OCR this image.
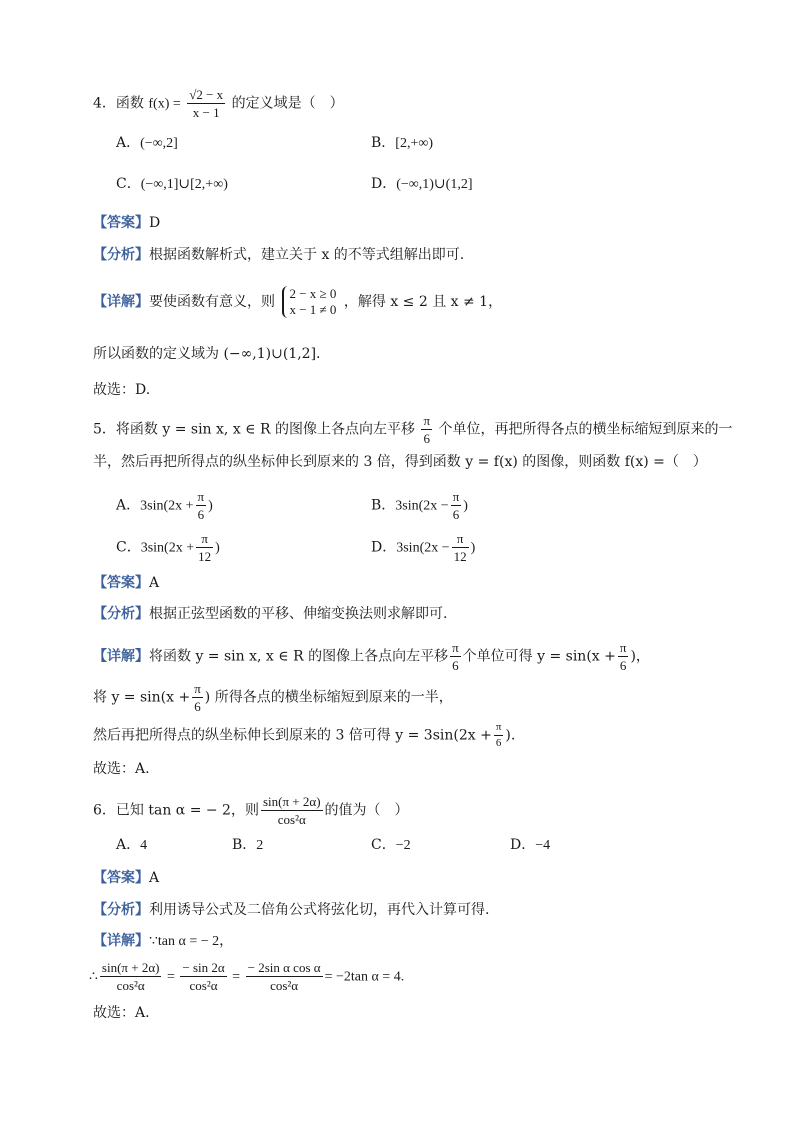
4．函数 $f(x) = \frac{√2 - x}{x - 1}$ 的定义域是（　）
A．(−∞,2]	B．[2,+∞)
C．(−∞,1]∪[2,+∞)	D．(−∞,1)∪(1,2]
【答案】D
【分析】根据函数解析式，建立关于 x 的不等式组解出即可.
【详解】要使函数有意义，则
2 − x ≥ 0
x − 1 ≠ 0 ，解得 x ≤ 2 且 x ≠ 1，
所以函数的定义域为 (−∞,1)∪(1,2].
故选：D.
5．将函数 y = sin x, x ∈ R 的图像上各点向左平移 $\frac{\pi}{6}$ 个单位，再把所得各点的横坐标缩短到原来的一
半，然后再把所得点的纵坐标伸长到原来的 3 倍，得到函数 y = f(x) 的图像，则函数 f(x) =（　）
A．$3\sin(2x + \frac{\pi}{6}$ )	B．$3\sin(2x - \frac{\pi}{6}$ )
C．$3\sin(2x + \frac{\pi}{12}$ )	D．$3\sin(2x - \frac{\pi}{12}$ )
【答案】A
【分析】根据正弦型函数的平移、伸缩变换法则求解即可.
【详解】将函数 y = sin x, x ∈ R 的图像上各点向左平移 $\frac{\pi}{6}$ 个单位可得 $y = \sin(x + \frac{\pi}{6}$ )，
将 $y = \sin(x + \frac{\pi}{6}$ ) 所得各点的横坐标缩短到原来的一半，
然后再把所得点的纵坐标伸长到原来的 3 倍可得 $y = 3\sin(2x + \frac{\pi}{6}$ ).
故选：A.
6．已知 tan α = − 2，则 $\frac{\sin(\pi + 2\alpha)}{\text{cos²α}}$ 的值为（　）
A．4	B．2	C．−2	D．−4
【答案】A
【分析】利用诱导公式及二倍角公式将弦化切，再代入计算可得.
【详解】∵tan α = − 2，
∴ $\frac{\sin(\pi + 2\alpha)}{\text{cos²α}} = \frac{- \sin 2\alpha}{\text{cos²α}} = \frac{\text{− 2sin α cos α}}{\text{cos²α}} = -2\tan$ α = 4.
故选：A.
